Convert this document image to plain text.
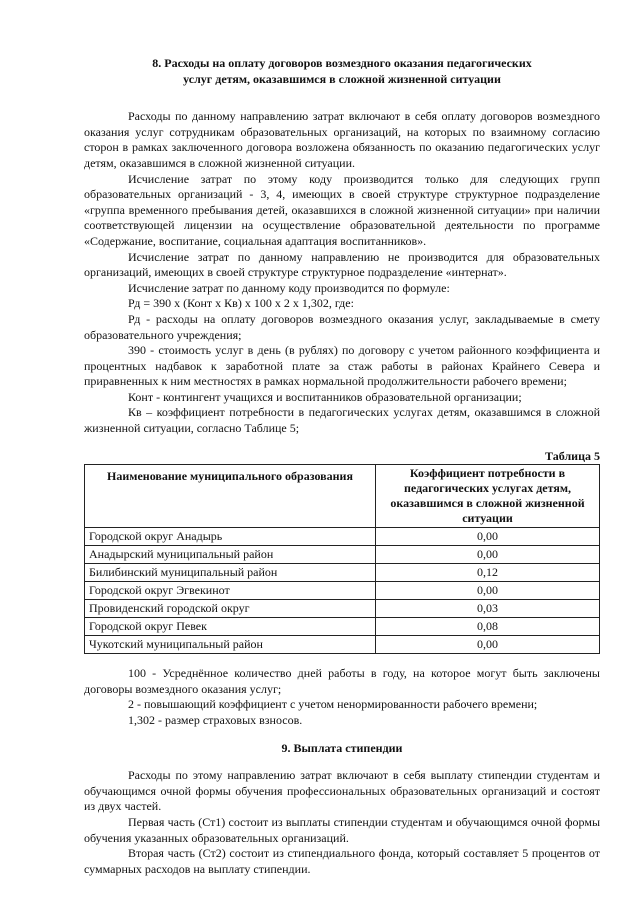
8. Расходы на оплату договоров возмездного оказания педагогических
услуг детям, оказавшимся в сложной жизненной ситуации

Расходы по данному направлению затрат включают в себя оплату договоров возмездного оказания услуг сотрудникам образовательных организаций, на которых по взаимному согласию сторон в рамках заключенного договора возложена обязанность по оказанию педагогических услуг детям, оказавшимся в сложной жизненной ситуации.

Исчисление затрат по этому коду производится только для следующих групп образовательных организаций - 3, 4, имеющих в своей структуре структурное подразделение «группа временного пребывания детей, оказавшихся в сложной жизненной ситуации» при наличии соответствующей лицензии на осуществление образовательной деятельности по программе «Содержание, воспитание, социальная адаптация воспитанников».

Исчисление затрат по данному направлению не производится для образовательных организаций, имеющих в своей структуре структурное подразделение «интернат».

Исчисление затрат по данному коду производится по формуле:

Рд = 390 x (Конт x Кв) x 100 x 2 x 1,302, где:

Рд - расходы на оплату договоров возмездного оказания услуг, закладываемые в смету образовательного учреждения;

390 - стоимость услуг в день (в рублях) по договору с учетом районного коэффициента и процентных надбавок к заработной плате за стаж работы в районах Крайнего Севера и приравненных к ним местностях в рамках нормальной продолжительности рабочего времени;

Конт - контингент учащихся и воспитанников образовательной организации;

Кв – коэффициент потребности в педагогических услугах детям, оказавшимся в сложной жизненной ситуации, согласно Таблице 5;

Таблица 5
Наименование муниципального образования	Коэффициент потребности в педагогических услугах детям, оказавшимся в сложной жизненной ситуации
Городской округ Анадырь	0,00
Анадырский муниципальный район	0,00
Билибинский муниципальный район	0,12
Городской округ Эгвекинот	0,00
Провиденский городской округ	0,03
Городской округ Певек	0,08
Чукотский муниципальный район	0,00

100 - Усреднённое количество дней работы в году, на которое могут быть заключены договоры возмездного оказания услуг;

2 - повышающий коэффициент с учетом ненормированности рабочего времени;

1,302 - размер страховых взносов.

9. Выплата стипендии

Расходы по этому направлению затрат включают в себя выплату стипендии студентам и обучающимся очной формы обучения профессиональных образовательных организаций и состоят из двух частей.

Первая часть (Ст1) состоит из выплаты стипендии студентам и обучающимся очной формы обучения указанных образовательных организаций.

Вторая часть (Ст2) состоит из стипендиального фонда, который составляет 5 процентов от суммарных расходов на выплату стипендии.
